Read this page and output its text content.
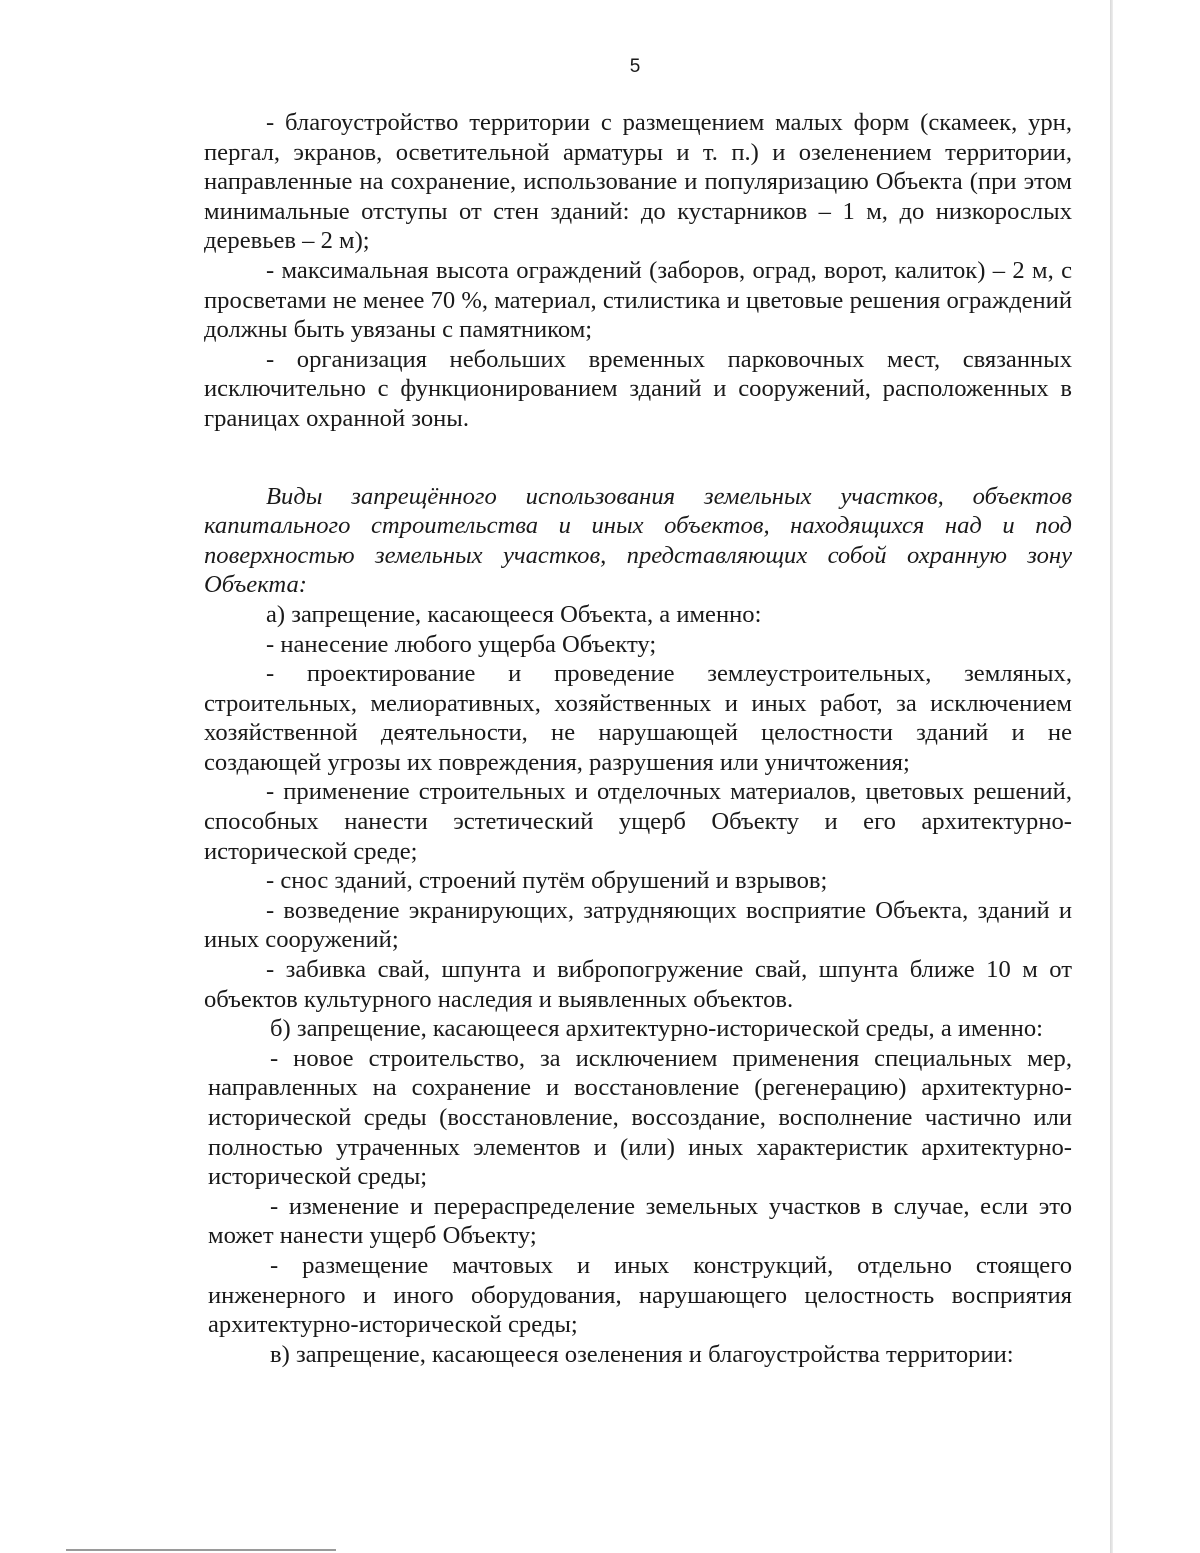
5

- благоустройство территории с размещением малых форм (скамеек, урн, пергал, экранов, осветительной арматуры и т. п.) и озеленением территории, направленные на сохранение, использование и популяризацию Объекта (при этом минимальные отступы от стен зданий: до кустарников – 1 м, до низкорослых деревьев – 2 м);

- максимальная высота ограждений (заборов, оград, ворот, калиток) – 2 м, с просветами не менее 70 %, материал, стилистика и цветовые решения ограждений должны быть увязаны с памятником;

- организация небольших временных парковочных мест, связанных исключительно с функционированием зданий и сооружений, расположенных в границах охранной зоны.

Виды запрещённого использования земельных участков, объектов капитального строительства и иных объектов, находящихся над и под поверхностью земельных участков, представляющих собой охранную зону Объекта:

а) запрещение, касающееся Объекта, а именно:

- нанесение любого ущерба Объекту;

- проектирование и проведение землеустроительных, земляных, строительных, мелиоративных, хозяйственных и иных работ, за исключением хозяйственной деятельности, не нарушающей целостности зданий и не создающей угрозы их повреждения, разрушения или уничтожения;

- применение строительных и отделочных материалов, цветовых решений, способных нанести эстетический ущерб Объекту и его архитектурно-исторической среде;

- снос зданий, строений путём обрушений и взрывов;

- возведение экранирующих, затрудняющих восприятие Объекта, зданий и иных сооружений;

- забивка свай, шпунта и вибропогружение свай, шпунта ближе 10 м от объектов культурного наследия и выявленных объектов.

б) запрещение, касающееся архитектурно-исторической среды, а именно:

- новое строительство, за исключением применения специальных мер, направленных на сохранение и восстановление (регенерацию) архитектурно-исторической среды (восстановление, воссоздание, восполнение частично или полностью утраченных элементов и (или) иных характеристик архитектурно-исторической среды;

- изменение и перераспределение земельных участков в случае, если это может нанести ущерб Объекту;

- размещение мачтовых и иных конструкций, отдельно стоящего инженерного и иного оборудования, нарушающего целостность восприятия архитектурно-исторической среды;

в) запрещение, касающееся озеленения и благоустройства территории:
